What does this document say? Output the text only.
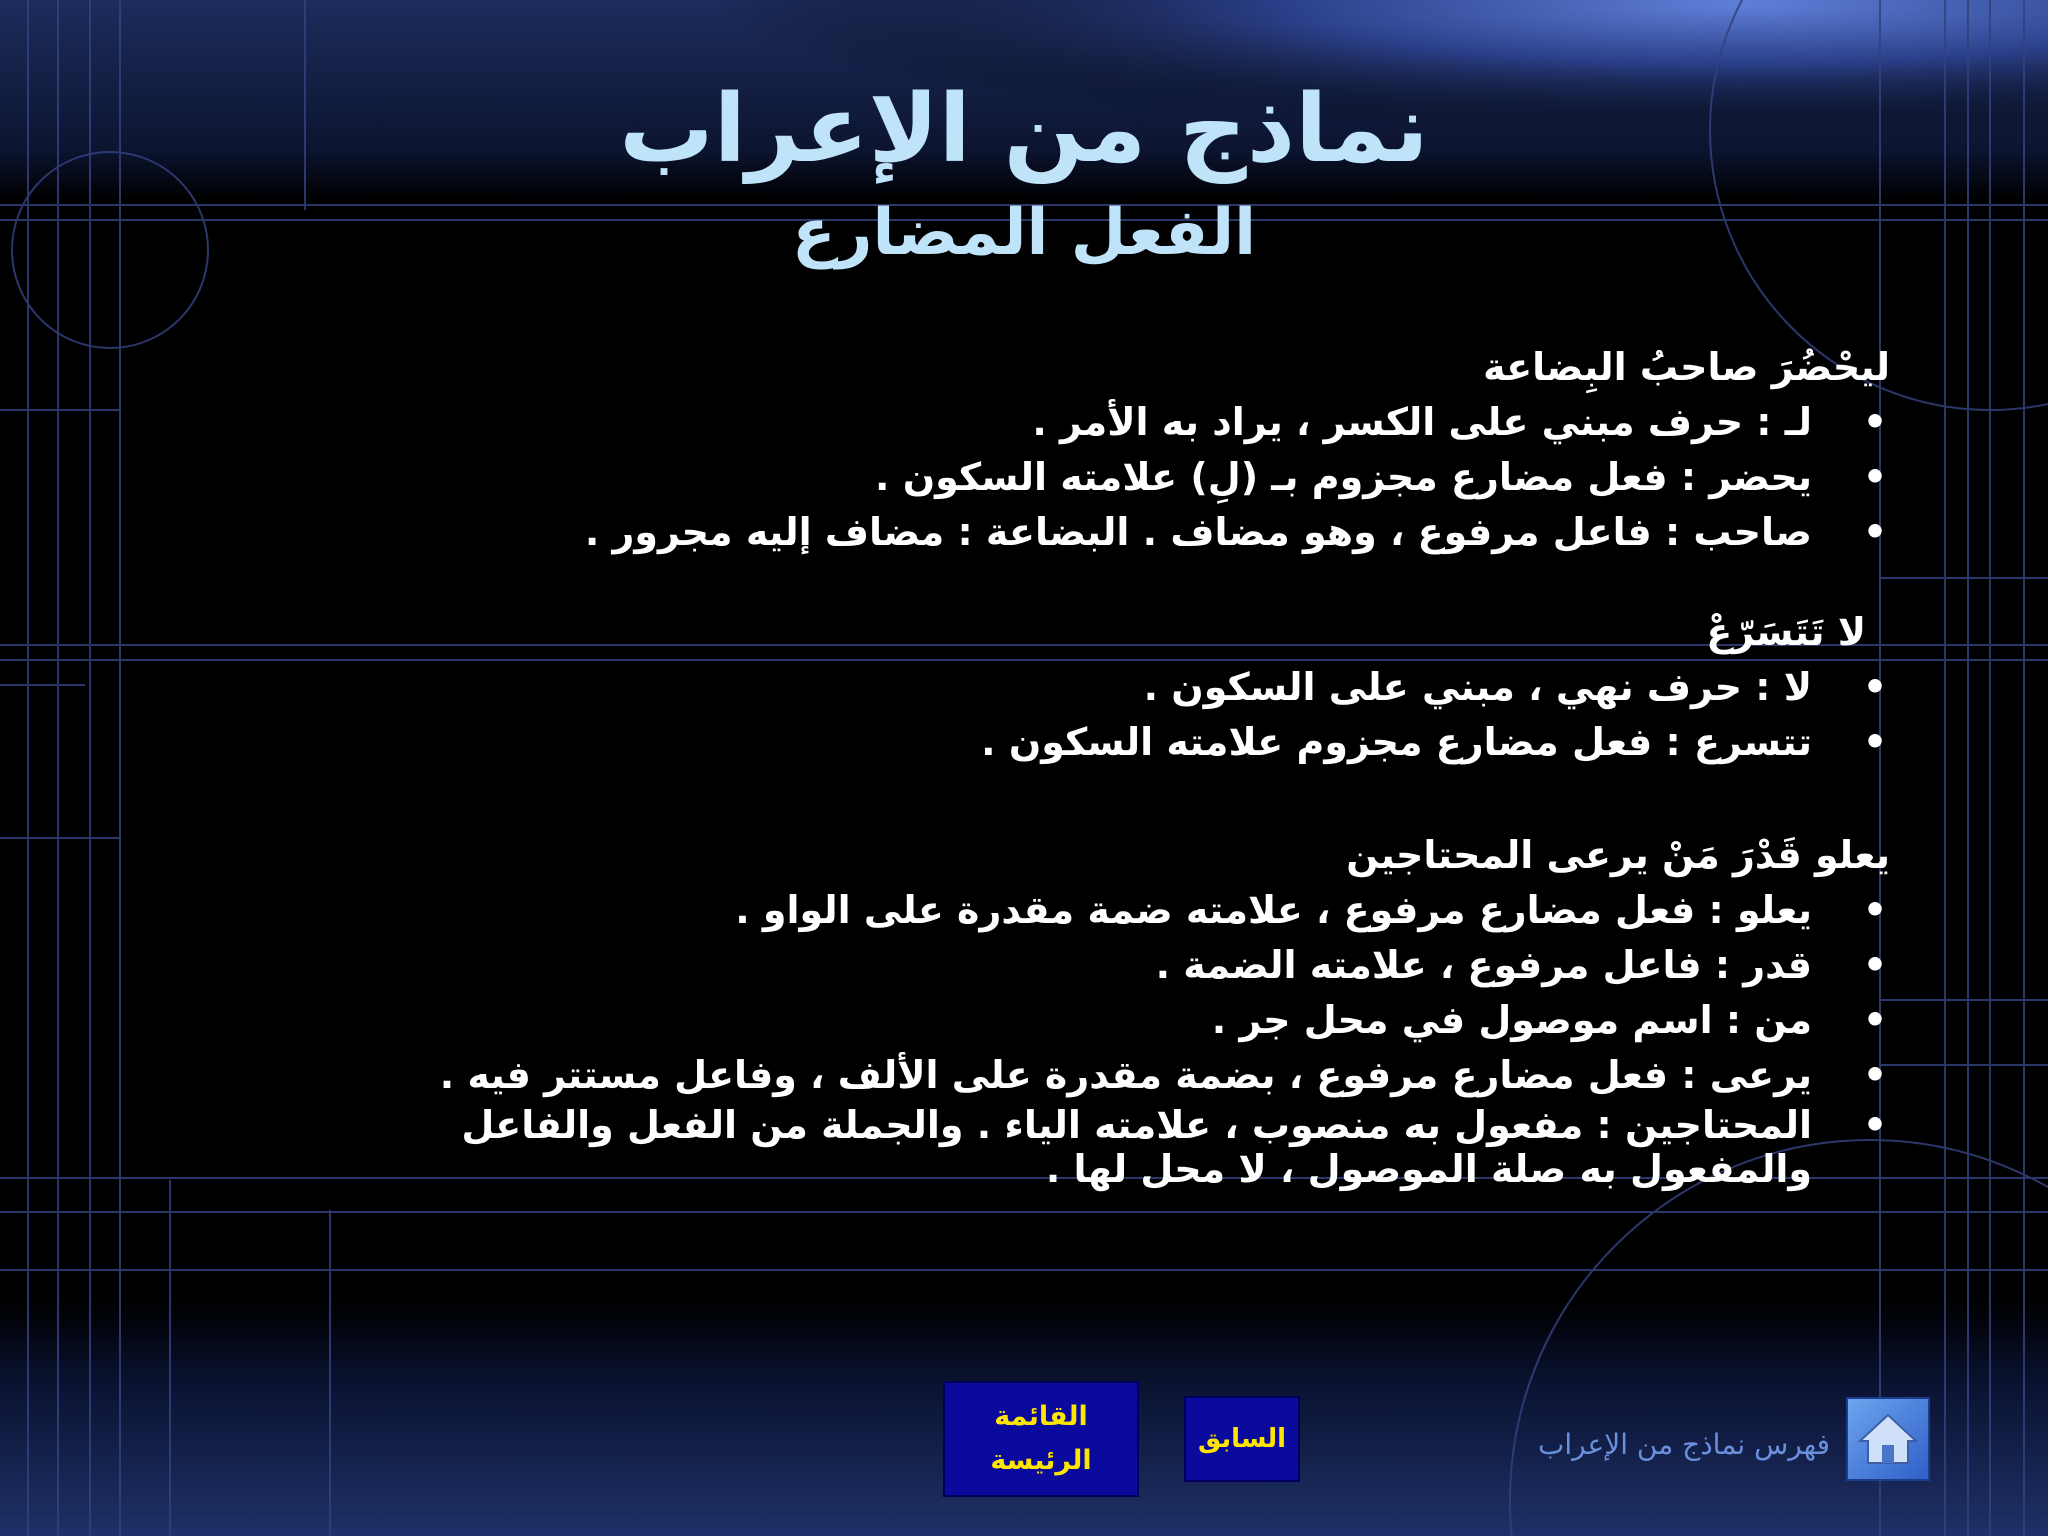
نماذج من الإعراب
الفعل المضارع
ليحْضُرَ صاحبُ البِضاعة
• لـ : حرف مبني على الكسر ، يراد به الأمر .
• يحضر : فعل مضارع مجزوم بـ (لِ) علامته السكون .
• صاحب : فاعل مرفوع ، وهو مضاف . البضاعة : مضاف إليه مجرور .
لا تَتَسَرّعْ
• لا : حرف نهي ، مبني على السكون .
• تتسرع : فعل مضارع مجزوم علامته السكون .
يعلو قَدْرَ مَنْ يرعى المحتاجين
• يعلو : فعل مضارع مرفوع ، علامته ضمة مقدرة على الواو .
• قدر : فاعل مرفوع ، علامته الضمة .
• من : اسم موصول في محل جر .
• يرعى : فعل مضارع مرفوع ، بضمة مقدرة على الألف ، وفاعل مستتر فيه .
• المحتاجين : مفعول به منصوب ، علامته الياء . والجملة من الفعل والفاعل والمفعول به صلة الموصول ، لا محل لها .
القائمة
الرئيسة
السابق	فهرس نماذج من الإعراب
